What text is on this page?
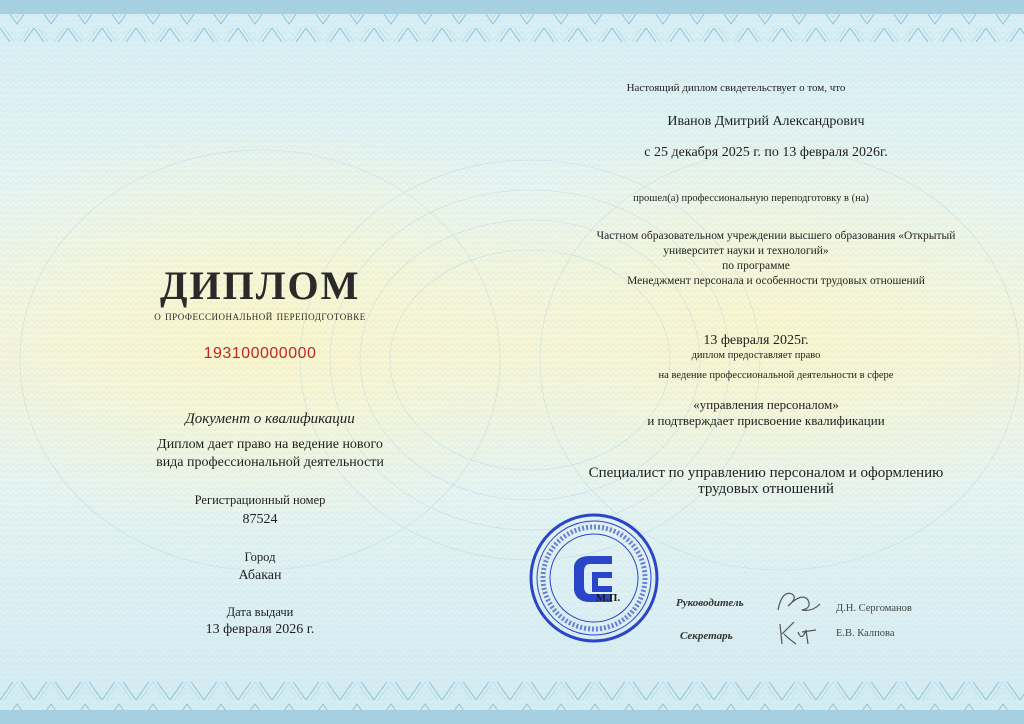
ДИПЛОМ
о профессиональной переподготовке
193100000000
Документ о квалификации
Диплом дает право на ведение нового
вида профессиональной деятельности
Регистрационный номер
87524
Город
Абакан
Дата выдачи
13 февраля 2026 г.
Настоящий диплом свидетельствует о том, что
Иванов Дмитрий Александрович
с 25 декабря 2025 г. по 13 февраля 2026г.
прошел(а) профессиональную переподготовку в (на)
Частном образовательном учреждении высшего образования «Открытый
университет науки и технологий»
по программе
Менеджмент персонала и особенности трудовых отношений
13 февраля 2025г.
диплом предоставляет право
на ведение профессиональной деятельности в сфере
«управления персоналом»
и подтверждает присвоение квалификации
Специалист по управлению персоналом и оформлению
трудовых отношений
М.П.	Руководитель	Д.Н. Сергоманов
Секретарь	Е.В. Калпова
